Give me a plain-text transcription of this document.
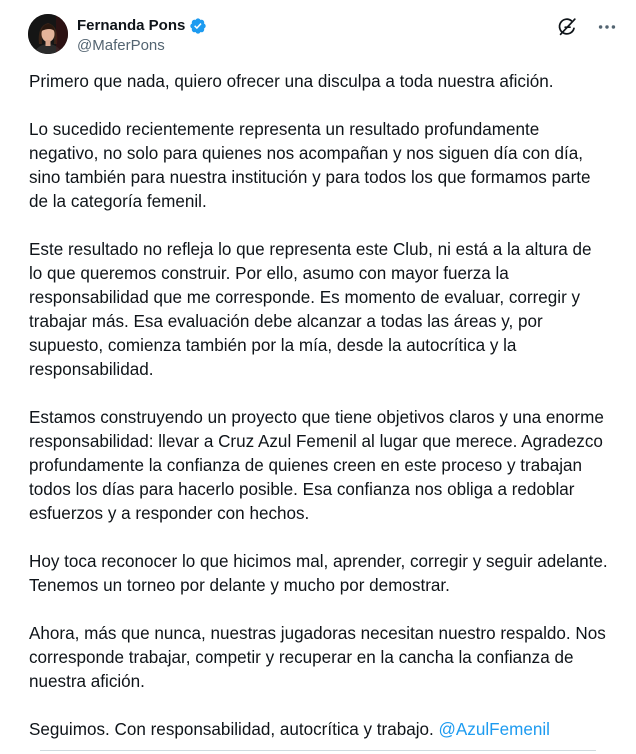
Fernanda Pons
@MaferPons

Primero que nada, quiero ofrecer una disculpa a toda nuestra afición.

Lo sucedido recientemente representa un resultado profundamente negativo, no solo para quienes nos acompañan y nos siguen día con día, sino también para nuestra institución y para todos los que formamos parte de la categoría femenil.

Este resultado no refleja lo que representa este Club, ni está a la altura de lo que queremos construir. Por ello, asumo con mayor fuerza la responsabilidad que me corresponde. Es momento de evaluar, corregir y trabajar más. Esa evaluación debe alcanzar a todas las áreas y, por supuesto, comienza también por la mía, desde la autocrítica y la responsabilidad.

Estamos construyendo un proyecto que tiene objetivos claros y una enorme responsabilidad: llevar a Cruz Azul Femenil al lugar que merece. Agradezco profundamente la confianza de quienes creen en este proceso y trabajan todos los días para hacerlo posible. Esa confianza nos obliga a redoblar esfuerzos y a responder con hechos.

Hoy toca reconocer lo que hicimos mal, aprender, corregir y seguir adelante. Tenemos un torneo por delante y mucho por demostrar.

Ahora, más que nunca, nuestras jugadoras necesitan nuestro respaldo. Nos corresponde trabajar, competir y recuperar en la cancha la confianza de nuestra afición.

Seguimos. Con responsabilidad, autocrítica y trabajo. @AzulFemenil
